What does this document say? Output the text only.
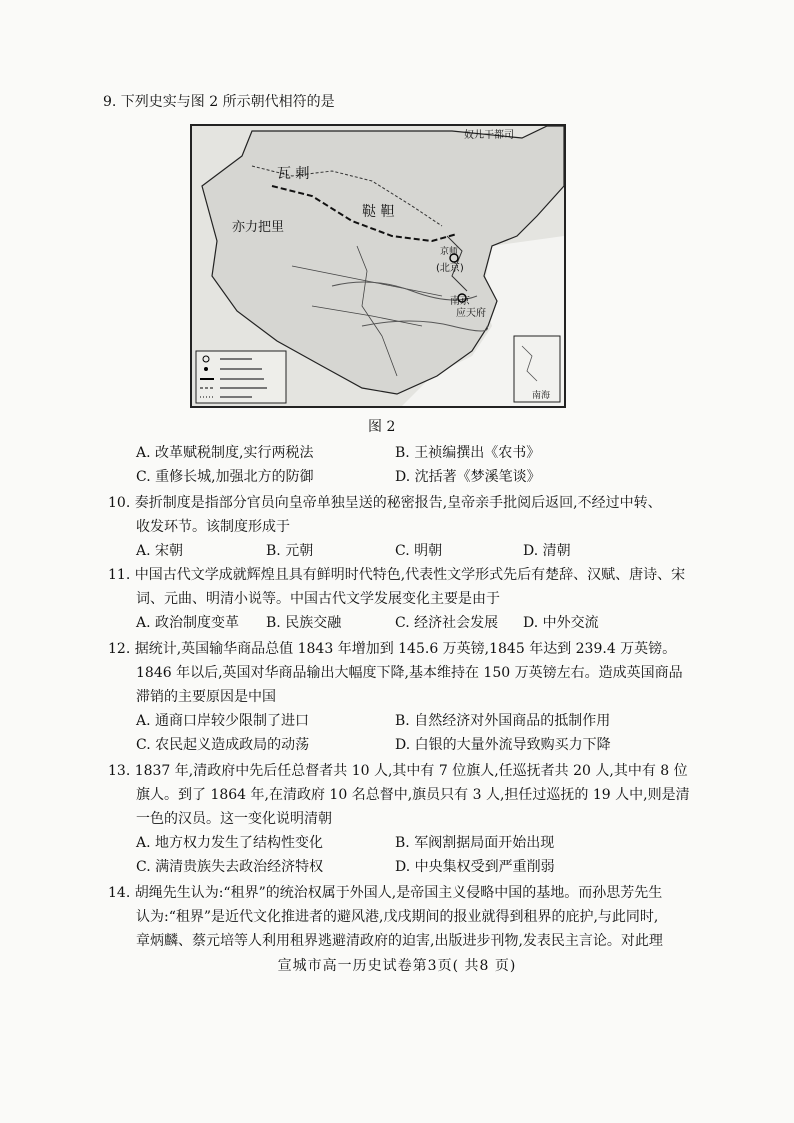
9. 下列史实与图 2 所示朝代相符的是
奴儿干都司
瓦 剌
鞑 靼
亦力把里
京师
(北京)
南京
应天府
南海
图 2
A. 改革赋税制度,实行两税法	B. 王祯编撰出《农书》
C. 重修长城,加强北方的防御	D. 沈括著《梦溪笔谈》
10. 奏折制度是指部分官员向皇帝单独呈送的秘密报告,皇帝亲手批阅后返回,不经过中转、
收发环节。该制度形成于
A. 宋朝	B. 元朝	C. 明朝	D. 清朝
11. 中国古代文学成就辉煌且具有鲜明时代特色,代表性文学形式先后有楚辞、汉赋、唐诗、宋
词、元曲、明清小说等。中国古代文学发展变化主要是由于
A. 政治制度变革 B. 民族交融	C. 经济社会发展 D. 中外交流
12. 据统计,英国输华商品总值 1843 年增加到 145.6 万英镑,1845 年达到 239.4 万英镑。
1846 年以后,英国对华商品输出大幅度下降,基本维持在 150 万英镑左右。造成英国商品
滞销的主要原因是中国
A. 通商口岸较少限制了进口	B. 自然经济对外国商品的抵制作用
C. 农民起义造成政局的动荡	D. 白银的大量外流导致购买力下降
13. 1837 年,清政府中先后任总督者共 10 人,其中有 7 位旗人,任巡抚者共 20 人,其中有 8 位
旗人。到了 1864 年,在清政府 10 名总督中,旗员只有 3 人,担任过巡抚的 19 人中,则是清
一色的汉员。这一变化说明清朝
A. 地方权力发生了结构性变化	B. 军阀割据局面开始出现
C. 满清贵族失去政治经济特权	D. 中央集权受到严重削弱
14. 胡绳先生认为:“租界”的统治权属于外国人,是帝国主义侵略中国的基地。而孙思芳先生
认为:“租界”是近代文化推进者的避风港,戊戌期间的报业就得到租界的庇护,与此同时,
章炳麟、蔡元培等人利用租界逃避清政府的迫害,出版进步刊物,发表民主言论。对此理
宣城市高一历史试卷第3页( 共8 页)
